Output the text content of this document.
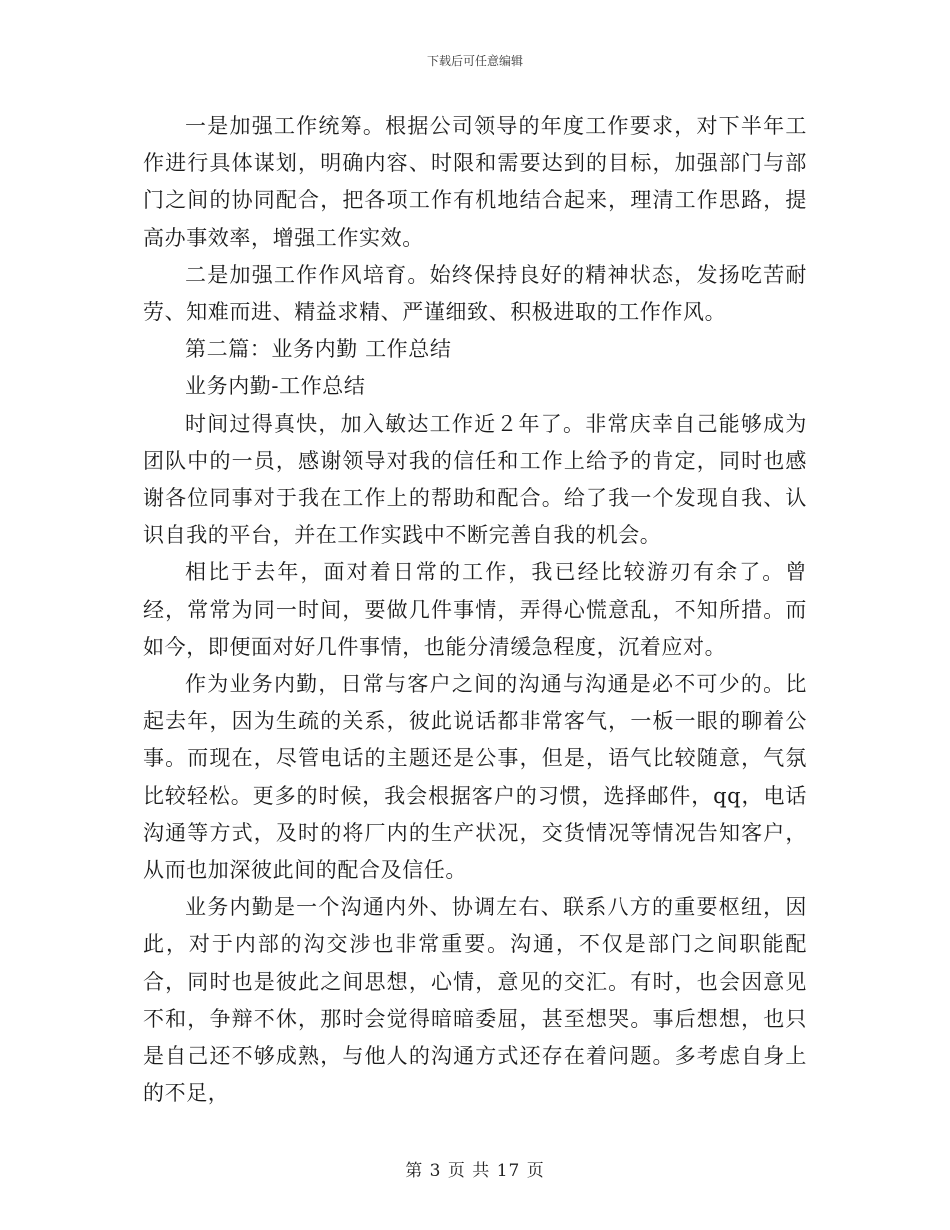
下载后可任意编辑

一是加强工作统筹。根据公司领导的年度工作要求，对下半年工作进行具体谋划，明确内容、时限和需要达到的目标，加强部门与部门之间的协同配合，把各项工作有机地结合起来，理清工作思路，提高办事效率，增强工作实效。

二是加强工作作风培育。始终保持良好的精神状态，发扬吃苦耐劳、知难而进、精益求精、严谨细致、积极进取的工作作风。

第二篇：业务内勤 工作总结

业务内勤-工作总结

时间过得真快，加入敏达工作近２年了。非常庆幸自己能够成为团队中的一员，感谢领导对我的信任和工作上给予的肯定，同时也感谢各位同事对于我在工作上的帮助和配合。给了我一个发现自我、认识自我的平台，并在工作实践中不断完善自我的机会。

相比于去年，面对着日常的工作，我已经比较游刃有余了。曾经，常常为同一时间，要做几件事情，弄得心慌意乱，不知所措。而如今，即便面对好几件事情，也能分清缓急程度，沉着应对。

作为业务内勤，日常与客户之间的沟通与沟通是必不可少的。比起去年，因为生疏的关系，彼此说话都非常客气，一板一眼的聊着公事。而现在，尽管电话的主题还是公事，但是，语气比较随意，气氛比较轻松。更多的时候，我会根据客户的习惯，选择邮件，qq，电话沟通等方式，及时的将厂内的生产状况，交货情况等情况告知客户，从而也加深彼此间的配合及信任。

业务内勤是一个沟通内外、协调左右、联系八方的重要枢纽，因此，对于内部的沟交涉也非常重要。沟通，不仅是部门之间职能配合，同时也是彼此之间思想，心情，意见的交汇。有时，也会因意见不和，争辩不休，那时会觉得暗暗委屈，甚至想哭。事后想想，也只是自己还不够成熟，与他人的沟通方式还存在着问题。多考虑自身上的不足，

第 3 页 共 17 页
